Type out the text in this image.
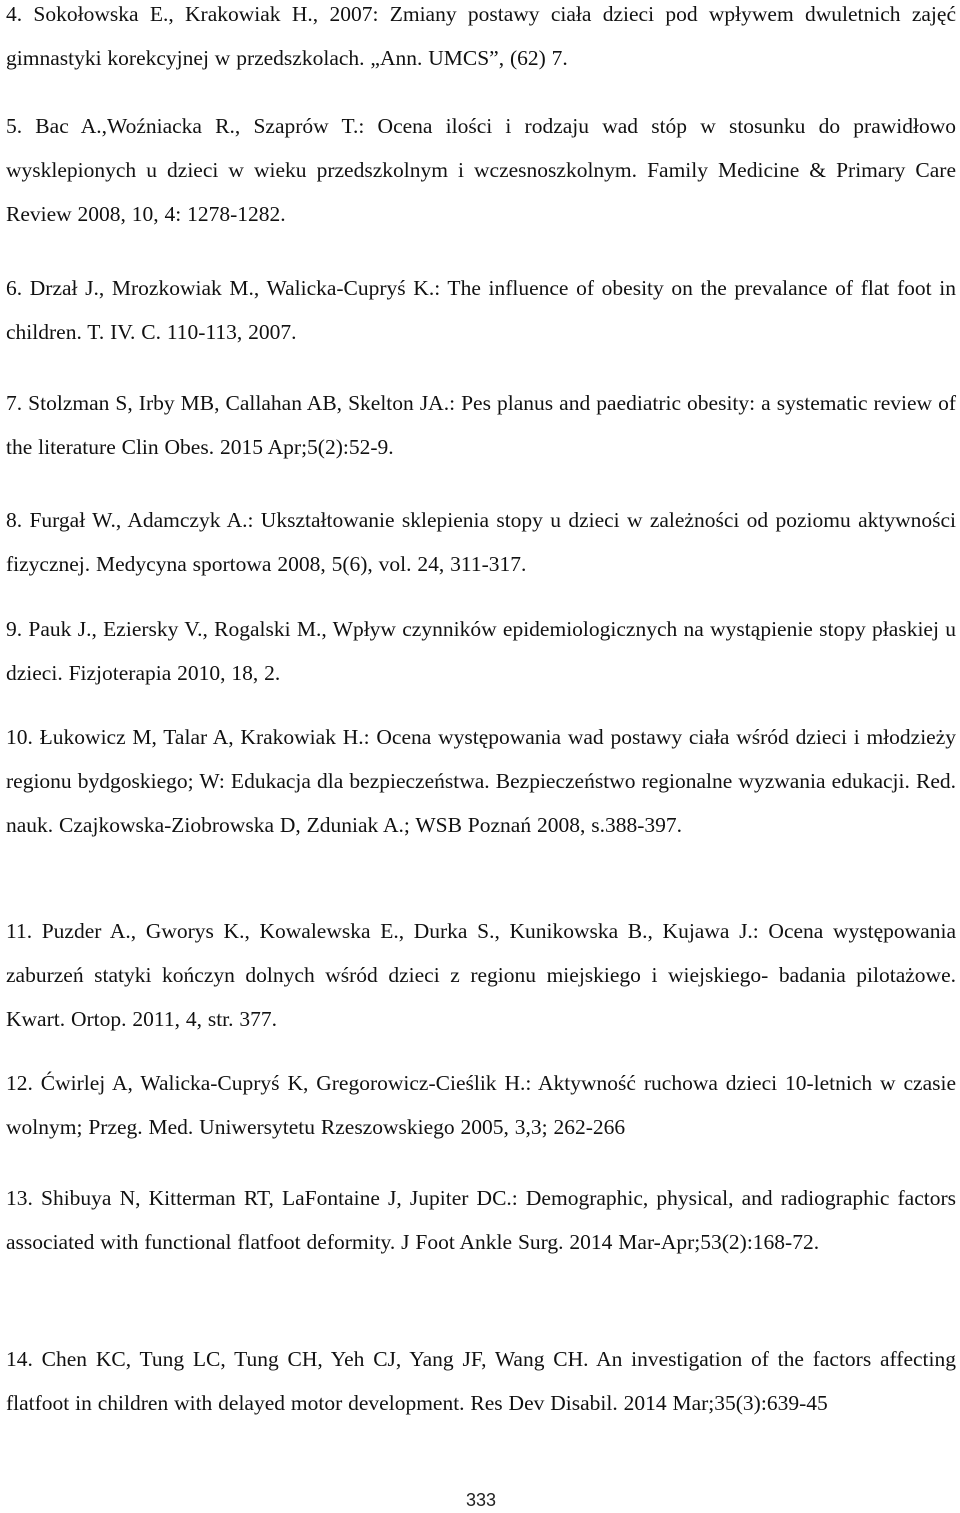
4. Sokołowska E., Krakowiak H., 2007: Zmiany postawy ciała dzieci pod wpływem dwuletnich zajęć gimnastyki korekcyjnej w przedszkolach. „Ann. UMCS”, (62) 7.

5. Bac A.,Woźniacka R., Szaprów T.: Ocena ilości i rodzaju wad stóp w stosunku do prawidłowo wysklepionych u dzieci w wieku przedszkolnym i wczesnoszkolnym. Family Medicine & Primary Care Review 2008, 10, 4: 1278-1282.

6. Drzał J., Mrozkowiak M., Walicka-Cupryś K.: The influence of obesity on the prevalance of flat foot in children. T. IV. C. 110-113, 2007.

7. Stolzman S, Irby MB, Callahan AB, Skelton JA.: Pes planus and paediatric obesity: a systematic review of the literature Clin Obes. 2015 Apr;5(2):52-9.

8. Furgał W., Adamczyk A.: Ukształtowanie sklepienia stopy u dzieci w zależności od poziomu aktywności fizycznej. Medycyna sportowa 2008, 5(6), vol. 24, 311-317.

9. Pauk J., Eziersky V., Rogalski M., Wpływ czynników epidemiologicznych na wystąpienie stopy płaskiej u dzieci. Fizjoterapia 2010, 18, 2.

10. Łukowicz M, Talar A, Krakowiak H.: Ocena występowania wad postawy ciała wśród dzieci i młodzieży regionu bydgoskiego; W: Edukacja dla bezpieczeństwa. Bezpieczeństwo regionalne wyzwania edukacji. Red. nauk. Czajkowska-Ziobrowska D, Zduniak A.; WSB Poznań 2008, s.388-397.

11. Puzder A., Gworys K., Kowalewska E., Durka S., Kunikowska B., Kujawa J.: Ocena występowania zaburzeń statyki kończyn dolnych wśród dzieci z regionu miejskiego i wiejskiego- badania pilotażowe. Kwart. Ortop. 2011, 4, str. 377.

12. Ćwirlej A, Walicka-Cupryś K, Gregorowicz-Cieślik H.: Aktywność ruchowa dzieci 10-letnich w czasie wolnym; Przeg. Med. Uniwersytetu Rzeszowskiego 2005, 3,3; 262-266

13. Shibuya N, Kitterman RT, LaFontaine J, Jupiter DC.: Demographic, physical, and radiographic factors associated with functional flatfoot deformity. J Foot Ankle Surg. 2014 Mar-Apr;53(2):168-72.

14. Chen KC, Tung LC, Tung CH, Yeh CJ, Yang JF, Wang CH. An investigation of the factors affecting flatfoot in children with delayed motor development. Res Dev Disabil. 2014 Mar;35(3):639-45

333
